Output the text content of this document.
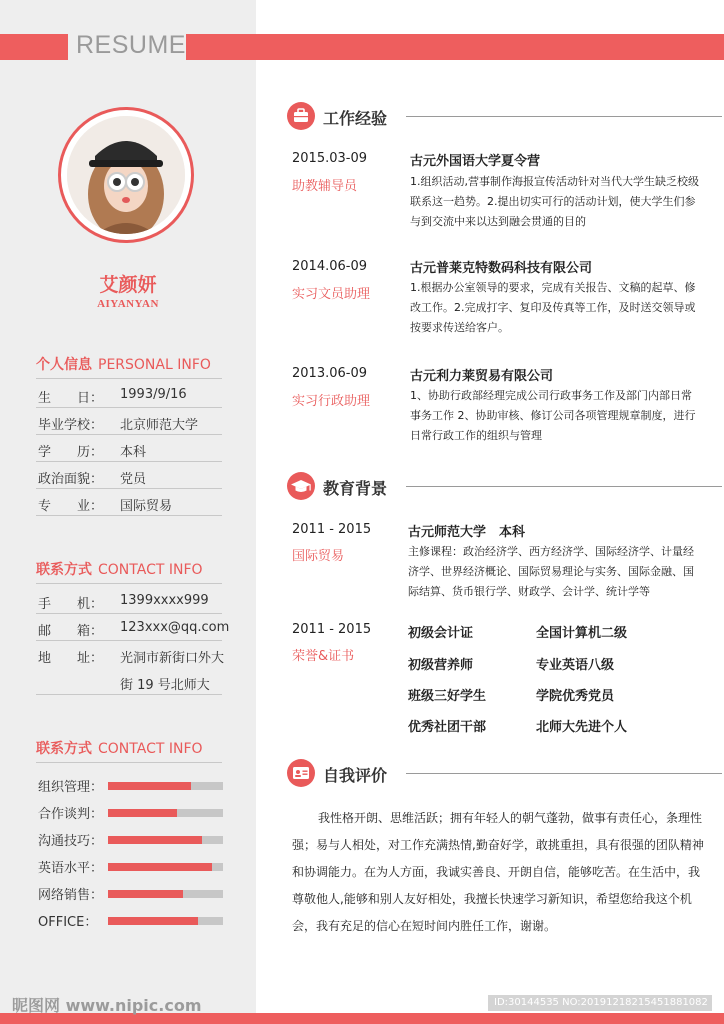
RESUME
艾颜妍
AIYANYAN
个人信息 PERSONAL INFO
生　　日： 1993/9/16
毕业学校： 北京师范大学
学　　历： 本科
政治面貌： 党员
专　　业： 国际贸易
联系方式 CONTACT INFO
手　　机： 1399xxxx999
邮　　箱： 123xxx@qq.com
地　　址： 光洞市新街口外大
街 19 号北师大
联系方式 CONTACT INFO
组织管理：
合作谈判：
沟通技巧：
英语水平：
网络销售：
OFFICE：
工作经验
2015.03-09
助教辅导员
古元外国语大学夏令营
1.组织活动,营事制作海报宣传活动针对当代大学生缺乏校级联系这一趋势。2.提出切实可行的活动计划，使大学生们参与到交流中来以达到融会贯通的目的
2014.06-09
实习文员助理
古元普莱克特数码科技有限公司
1.根据办公室领导的要求，完成有关报告、文稿的起草、修改工作。2.完成打字、复印及传真等工作，及时送交领导或按要求传送给客户。
2013.06-09
实习行政助理
古元利力莱贸易有限公司
1、协助行政部经理完成公司行政事务工作及部门内部日常事务工作 2、协助审核、修订公司各项管理规章制度，进行日常行政工作的组织与管理
教育背景
2011 - 2015
国际贸易
古元师范大学　本科
主修课程：政治经济学、西方经济学、国际经济学、计量经济学、世界经济概论、国际贸易理论与实务、国际金融、国际结算、货币银行学、财政学、会计学、统计学等
2011 - 2015
荣誉&证书
初级会计证	全国计算机二级
初级营养师	专业英语八级
班级三好学生	学院优秀党员
优秀社团干部	北师大先进个人
自我评价
我性格开朗、思维活跃；拥有年轻人的朝气蓬勃，做事有责任心，条理性强；易与人相处，对工作充满热情,勤奋好学，敢挑重担，具有很强的团队精神和协调能力。在为人方面，我诚实善良、开朗自信，能够吃苦。在生活中，我尊敬他人,能够和别人友好相处，我擅长快速学习新知识，希望您给我这个机会，我有充足的信心在短时间内胜任工作，谢谢。
昵图网 www.nipic.com	ID:30144535 NO:20191218215451881082
